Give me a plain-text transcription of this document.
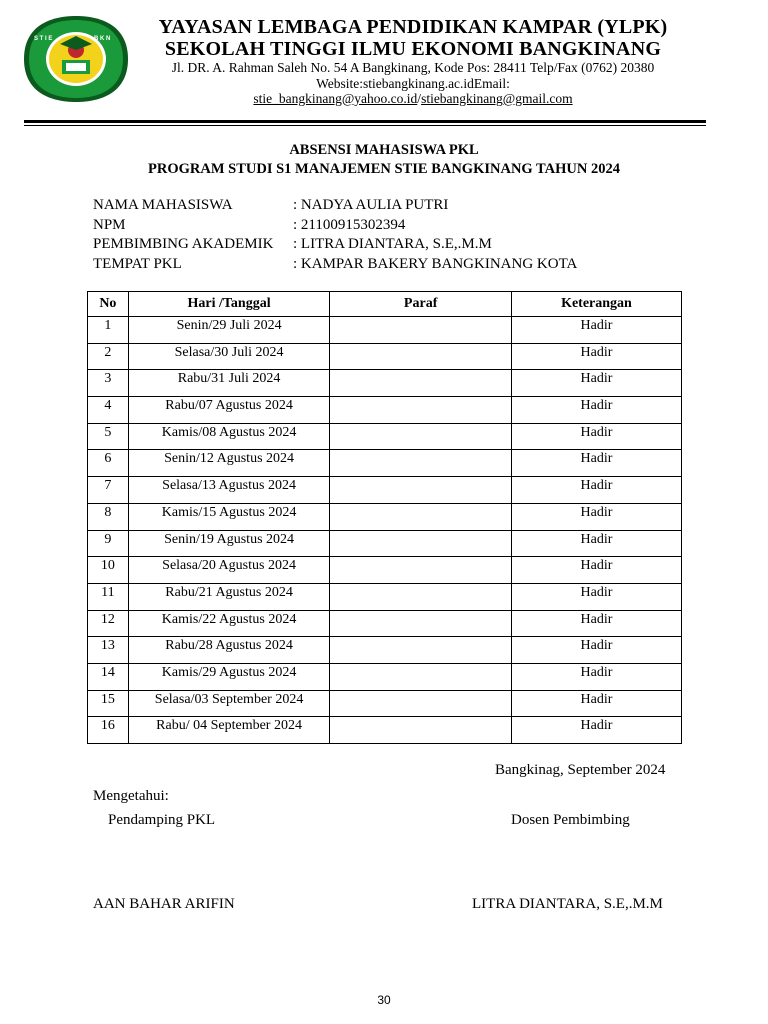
S T I E	B K N
YAYASAN LEMBAGA PENDIDIKAN KAMPAR (YLPK)
SEKOLAH TINGGI ILMU EKONOMI BANGKINANG
Jl. DR. A. Rahman Saleh No. 54 A Bangkinang, Kode Pos: 28411 Telp/Fax (0762) 20380
Website:stiebangkinang.ac.idEmail:
stie_bangkinang@yahoo.co.id/stiebangkinang@gmail.com
ABSENSI MAHASISWA PKL
PROGRAM STUDI S1 MANAJEMEN STIE BANGKINANG TAHUN 2024
NAMA MAHASISWA	: NADYA AULIA PUTRI
NPM	: 21100915302394
PEMBIMBING AKADEMIK	: LITRA DIANTARA, S.E,.M.M
TEMPAT PKL	: KAMPAR BAKERY BANGKINANG KOTA
No	Hari /Tanggal	Paraf	Keterangan
1	Senin/29 Juli 2024		Hadir
2	Selasa/30 Juli 2024		Hadir
3	Rabu/31 Juli 2024		Hadir
4	Rabu/07 Agustus 2024		Hadir
5	Kamis/08 Agustus 2024		Hadir
6	Senin/12 Agustus 2024		Hadir
7	Selasa/13 Agustus 2024		Hadir
8	Kamis/15 Agustus 2024		Hadir
9	Senin/19 Agustus 2024		Hadir
10	Selasa/20 Agustus 2024		Hadir
11	Rabu/21 Agustus 2024		Hadir
12	Kamis/22 Agustus 2024		Hadir
13	Rabu/28 Agustus 2024		Hadir
14	Kamis/29 Agustus 2024		Hadir
15	Selasa/03 September 2024		Hadir
16	Rabu/ 04 September 2024		Hadir
Bangkinag, September 2024
Mengetahui:
Pendamping PKL	Dosen Pembimbing
AAN BAHAR ARIFIN	LITRA DIANTARA, S.E,.M.M
30
